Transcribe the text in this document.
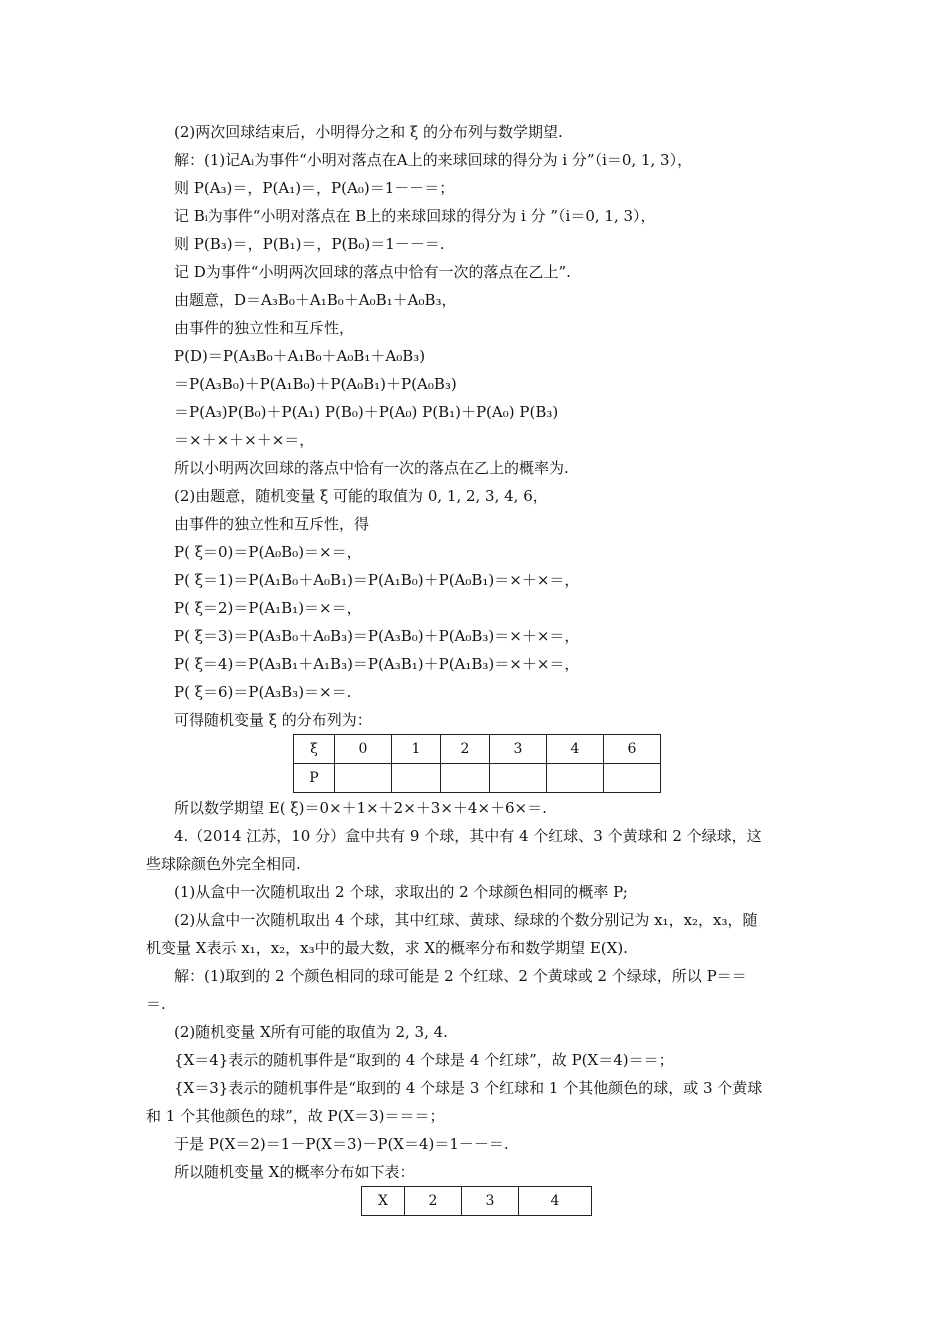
(2)两次回球结束后，小明得分之和 ξ 的分布列与数学期望.
解：(1)记Aᵢ为事件“小明对落点在A上的来球回球的得分为 i 分”（i＝0, 1, 3），
则 P(A₃)＝，P(A₁)＝，P(A₀)＝1－－＝；
记 Bᵢ为事件“小明对落点在 B上的来球回球的得分为 i 分 ”（i＝0, 1, 3），
则 P(B₃)＝，P(B₁)＝，P(B₀)＝1－－＝.
记 D为事件“小明两次回球的落点中恰有一次的落点在乙上”.
由题意，D＝A₃B₀＋A₁B₀＋A₀B₁＋A₀B₃，
由事件的独立性和互斥性，
P(D)＝P(A₃B₀＋A₁B₀＋A₀B₁＋A₀B₃)
＝P(A₃B₀)＋P(A₁B₀)＋P(A₀B₁)＋P(A₀B₃)
＝P(A₃)P(B₀)＋P(A₁) P(B₀)＋P(A₀) P(B₁)＋P(A₀) P(B₃)
＝×＋×＋×＋×＝，
所以小明两次回球的落点中恰有一次的落点在乙上的概率为.
(2)由题意，随机变量 ξ 可能的取值为 0, 1, 2, 3, 4, 6，
由事件的独立性和互斥性，得
P( ξ＝0)＝P(A₀B₀)＝×＝，
P( ξ＝1)＝P(A₁B₀＋A₀B₁)＝P(A₁B₀)＋P(A₀B₁)＝×＋×＝，
P( ξ＝2)＝P(A₁B₁)＝×＝，
P( ξ＝3)＝P(A₃B₀＋A₀B₃)＝P(A₃B₀)＋P(A₀B₃)＝×＋×＝，
P( ξ＝4)＝P(A₃B₁＋A₁B₃)＝P(A₃B₁)＋P(A₁B₃)＝×＋×＝，
P( ξ＝6)＝P(A₃B₃)＝×＝.
可得随机变量 ξ 的分布列为：
ξ	0	1	2	3	4	6
P						
所以数学期望 E( ξ)＝0×＋1×＋2×＋3×＋4×＋6×＝.
4.（2014 江苏，10 分）盒中共有 9 个球，其中有 4 个红球、3 个黄球和 2 个绿球，这
些球除颜色外完全相同.
(1)从盒中一次随机取出 2 个球，求取出的 2 个球颜色相同的概率 P;
(2)从盒中一次随机取出 4 个球，其中红球、黄球、绿球的个数分别记为 x₁，x₂，x₃，随
机变量 X表示 x₁，x₂，x₃中的最大数，求 X的概率分布和数学期望 E(X).
解：(1)取到的 2 个颜色相同的球可能是 2 个红球、2 个黄球或 2 个绿球，所以 P＝＝
＝.
(2)随机变量 X所有可能的取值为 2, 3, 4.
{X＝4}表示的随机事件是“取到的 4 个球是 4 个红球”，故 P(X＝4)＝＝；
{X＝3}表示的随机事件是“取到的 4 个球是 3 个红球和 1 个其他颜色的球，或 3 个黄球
和 1 个其他颜色的球”，故 P(X＝3)＝＝＝；
于是 P(X＝2)＝1－P(X＝3)－P(X＝4)＝1－－＝.
所以随机变量 X的概率分布如下表：
X	2	3	4
